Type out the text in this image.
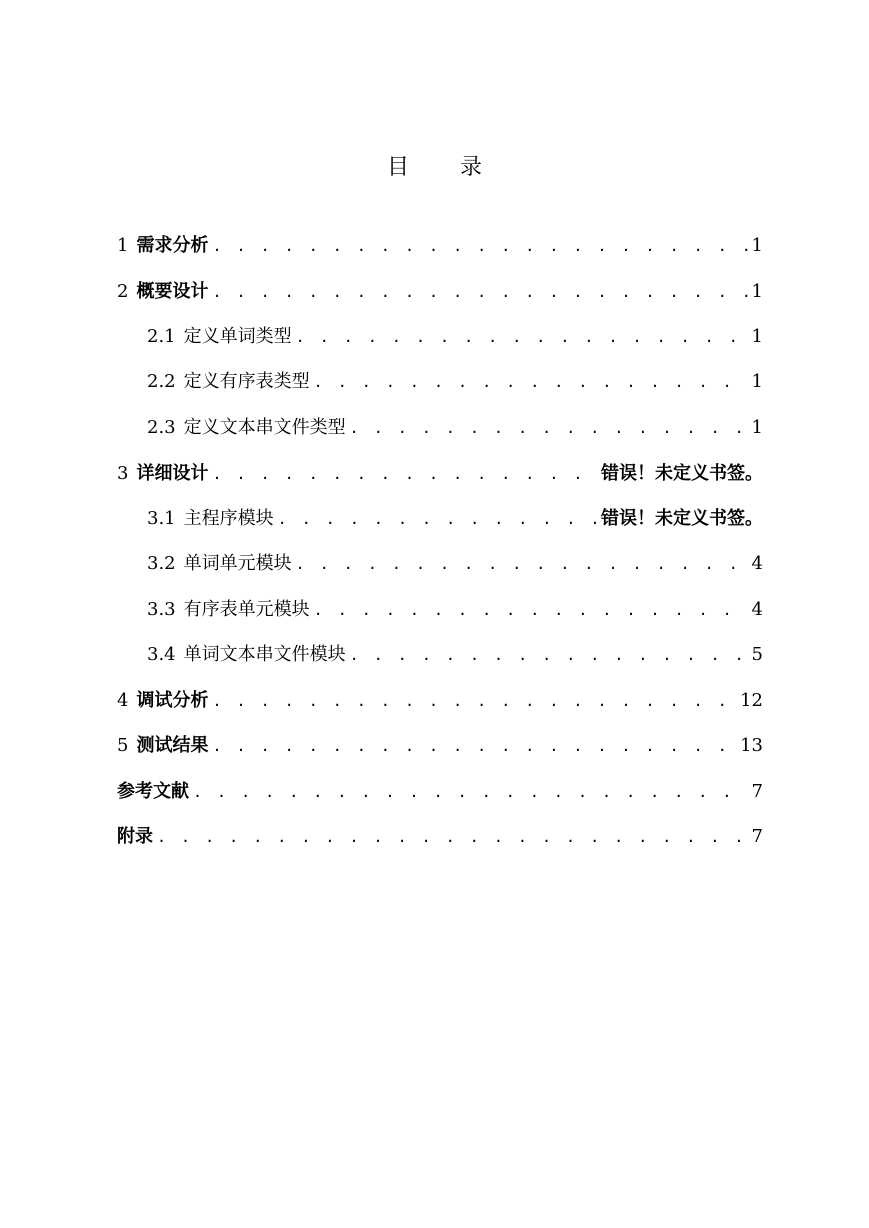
目 录
1 需求分析 . . .	1
2 概要设计 . . .	1
2.1 定义单词类型 . . .	1
2.2 定义有序表类型 . . .	1
2.3 定义文本串文件类型 . . .	1
3 详细设计 . . .	错误！未定义书签。
3.1 主程序模块 . . .	错误！未定义书签。
3.2 单词单元模块 . . .	4
3.3 有序表单元模块 . . .	4
3.4 单词文本串文件模块 . . .	5
4 调试分析 . . .	12
5 测试结果 . . .	13
参考文献 . . .	7
附录 . . .	7
